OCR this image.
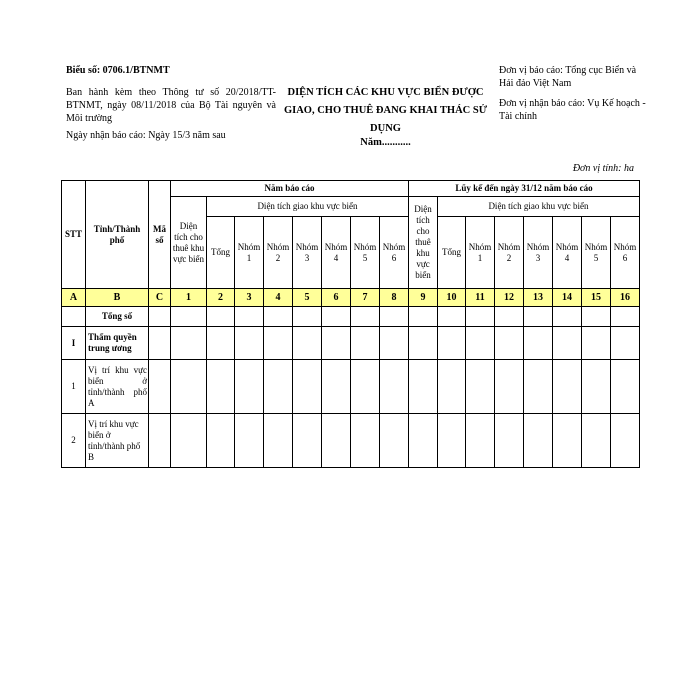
Biểu số: 0706.1/BTNMT
Ban hành kèm theo Thông tư số 20/2018/TT-BTNMT, ngày 08/11/2018 của Bộ Tài nguyên và Môi trường
Ngày nhận báo cáo: Ngày 15/3 năm sau
DIỆN TÍCH CÁC KHU VỰC BIỂN ĐƯỢC
GIAO, CHO THUÊ ĐANG KHAI THÁC SỬ DỤNG
Năm...........
Đơn vị báo cáo: Tổng cục Biển và Hải đảo Việt Nam
Đơn vị nhận báo cáo: Vụ Kế hoạch - Tài chính
Đơn vị tính: ha
STT	Tỉnh/Thành phố	Mã số	Năm báo cáo								Lũy kế đến ngày 31/12 năm báo cáo							
			Diện tích cho thuê khu vực biển	Diện tích giao khu vực biển							Diện tích cho thuê khu vực biển	Diện tích giao khu vực biển						
				Tổng	Nhóm 1	Nhóm 2	Nhóm 3	Nhóm 4	Nhóm 5	Nhóm 6		Tổng	Nhóm 1	Nhóm 2	Nhóm 3	Nhóm 4	Nhóm 5	Nhóm 6
A	B	C	1	2	3	4	5	6	7	8	9	10	11	12	13	14	15	16
	Tổng số																	
I	Thẩm quyền trung ương																	
1	Vị trí khu vực biển ở tỉnh/thành phố A																	
2	Vị trí khu vực biển ở tỉnh/thành phố B																	
